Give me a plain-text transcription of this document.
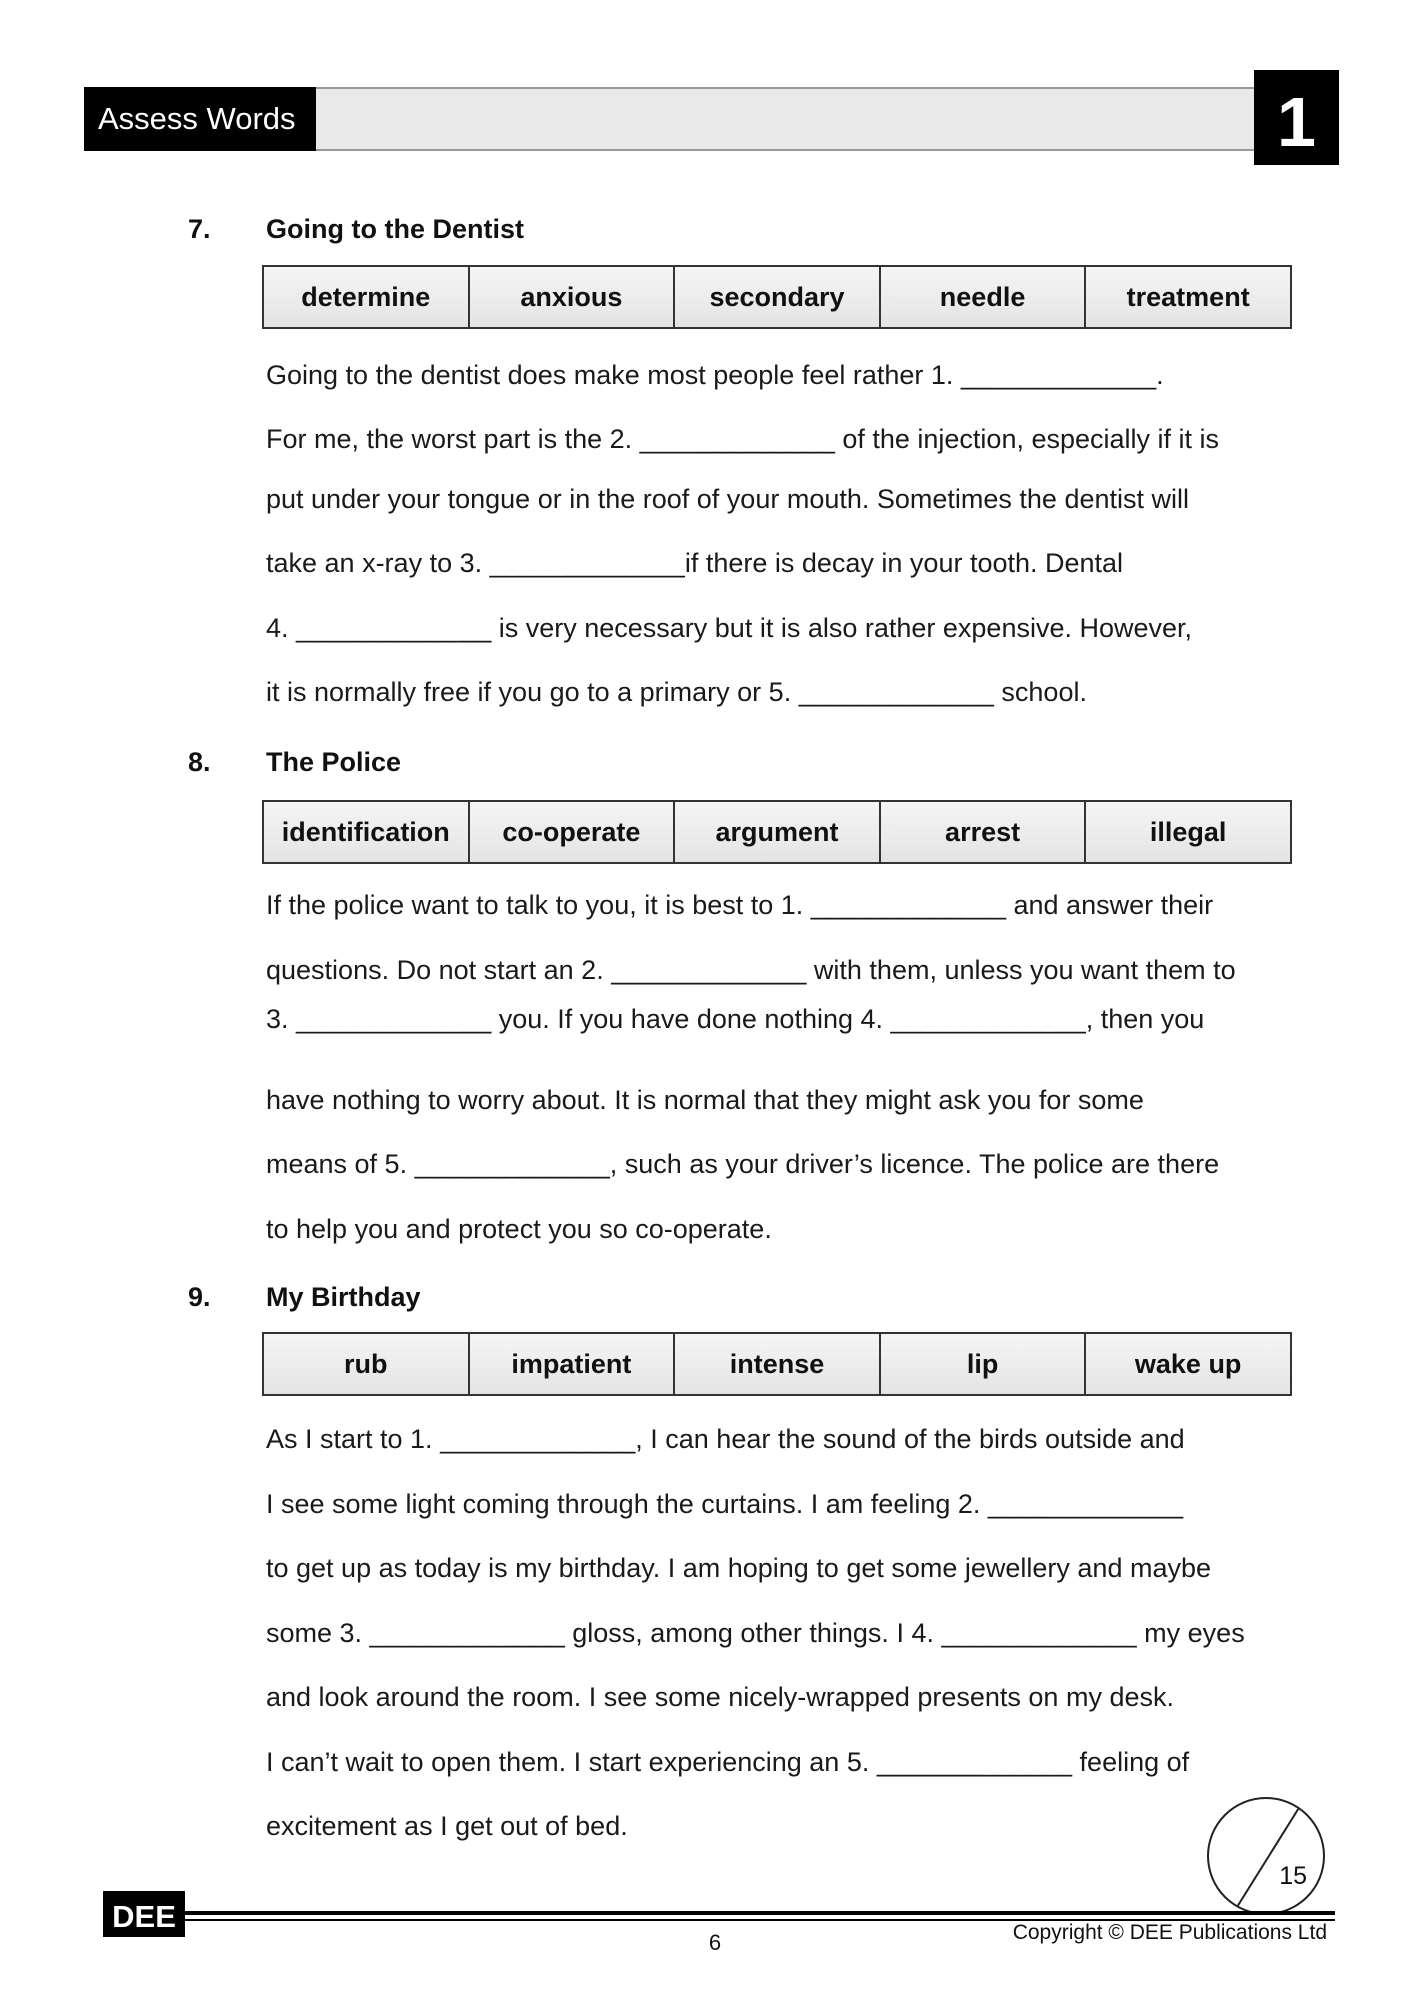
Assess Words 5
1
7. Going to the Dentist
determine	anxious	secondary	needle	treatment
Going to the dentist does make most people feel rather 1. _____________.
For me, the worst part is the 2. _____________ of the injection, especially if it is
put under your tongue or in the roof of your mouth. Sometimes the dentist will
take an x-ray to 3. _____________if there is decay in your tooth. Dental
4. _____________ is very necessary but it is also rather expensive. However,
it is normally free if you go to a primary or 5. _____________ school.
8. The Police
identification	co-operate	argument	arrest	illegal
If the police want to talk to you, it is best to 1. _____________ and answer their
questions. Do not start an 2. _____________ with them, unless you want them to
3. _____________ you. If you have done nothing 4. _____________, then you
have nothing to worry about. It is normal that they might ask you for some
means of 5. _____________, such as your driver’s licence. The police are there
to help you and protect you so co-operate.
9. My Birthday
rub	impatient	intense	lip	wake up
As I start to 1. _____________, I can hear the sound of the birds outside and
I see some light coming through the curtains. I am feeling 2. _____________
to get up as today is my birthday. I am hoping to get some jewellery and maybe
some 3. _____________ gloss, among other things. I 4. _____________ my eyes
and look around the room. I see some nicely-wrapped presents on my desk.
I can’t wait to open them. I start experiencing an 5. _____________ feeling of
excitement as I get out of bed.
15
DEE
6	Copyright © DEE Publications Ltd
